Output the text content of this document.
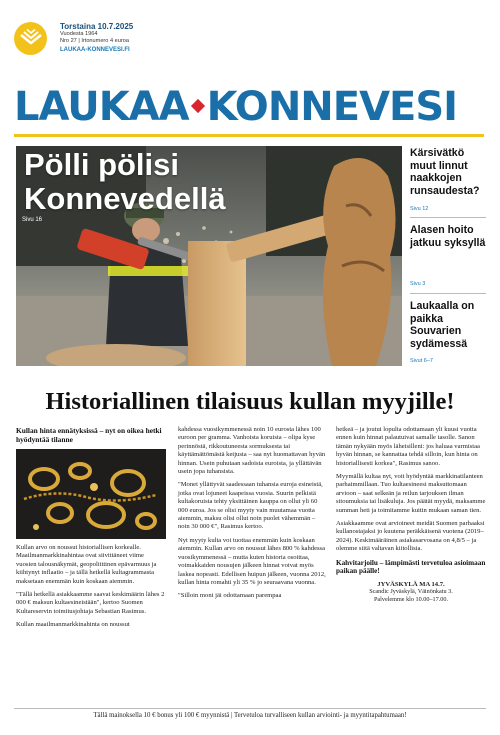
Torstaina 10.7.2025
Vuodesta 1964
Nro 27 | Irtonumero 4 euroa
LAUKAA-KONNEVESI.FI
LAUKAA KONNEVESI
Pölli pölisi
Konnevedellä
Sivu 16
Kärsivätkö muut linnut naakkojen runsaudesta?
Sivu 12
Alasen hoito jatkuu syksyllä
Sivu 3
Laukaalla on paikka Souvarien sydämessä
Sivut 6–7
Historiallinen tilaisuus kullan myyjille!
Kullan hinta ennätyksissä – nyt on oikea hetki hyödyntää tilanne

Kullan arvo on noussut historiallisen korkealle. Maailmanmarkkinahintaa ovat siivittäneet viime vuosien talousnäkymät, geopoliittinen epävarmuus ja kiihtynyt inflaatio – ja tällä hetkellä kultagrammasta maksetaan enemmän kuin koskaan aiemmin.

"Tällä hetkellä asiakkaamme saavat keskimäärin lähes 2 000 € maksun kultaesineistään", kertoo Suomen Kultareservin toimitusjohtaja Sebastian Rasimus.

Kullan maailmanmarkkinahinta on noussut

kahdessa vuosikymmenessä noin 10 eurosta lähes 100 euroon per gramma. Vanhoista koruista – olipa kyse perinnöstä, rikkoutuneesta sormuksesta tai käyttämättömästä ketjusta – saa nyt huomattavan hyvän hinnan. Usein puhutaan sadoista euroista, ja yllättävän usein jopa tuhansista.

"Monet yllättyvät saadessaan tuhansia euroja esineistä, jotka ovat lojuneet kaapeissa vuosia. Suurin pelkistä kultakoruista tehty yksittäinen kauppa on ollut yli 60 000 euroa. Jos se olisi myyty vain muutamaa vuotta aiemmin, maksu olisi ollut noin puolet vähemmän – noin 30 000 €", Rasimus kertoo.

Nyt myyty kulta voi tuottaa enemmän kuin koskaan aiemmin. Kullan arvo on noussut lähes 800 % kahdessa vuosikymmenessä – mutta kuten historia osoittaa, voimakkaiden nousujen jälkeen hinnat voivat myös laskea nopeasti. Edellisen huipun jälkeen, vuonna 2012, kullan hinta romahti yli 35 % jo seuraavana vuonna.

"Silloin moni jäi odottamaan parempaa

hetkeä – ja joutui lopulta odottamaan yli kuusi vuotta ennen kuin hinnat palautuivat samalle tasolle. Sanon tämän nykyään myös läheisilleni: jos haluaa varmistaa hyvän hinnan, se kannattaa tehdä silloin, kun hinta on historiallisesti korkea", Rasimus sanoo.

Myymällä kultaa nyt, voit hyödyntää markkinatilanteen parhaimmillaan. Tuo kultaesineesi maksuttomaan arvioon – saat selkeän ja reilun tarjouksen ilman sitoumuksia tai lisäkuluja. Jos päätät myydä, maksamme summan heti ja toimitamme kuitin mukaan saman tien.

Asiakkaamme ovat arvioineet meidät Suomen parhaaksi kullanostajaksi jo kuutena peräkkäisenä vuotena (2019–2024). Keskimääräinen asiakasarvosana on 4,8/5 – ja olemme siitä valtavan kiitollisia.

Kahvitarjoilu – lämpimästi tervetuloa asioimaan paikan päälle!
JYVÄSKYLÄ MA 14.7.
Scandic Jyväskylä, Väinönkatu 3.
Palvelemme klo 10.00–17.00.
Tällä mainoksella 10 € bonus yli 100 € myynnistä | Tervetuloa turvalliseen kullan arviointi- ja myyntitapahtumaan!
